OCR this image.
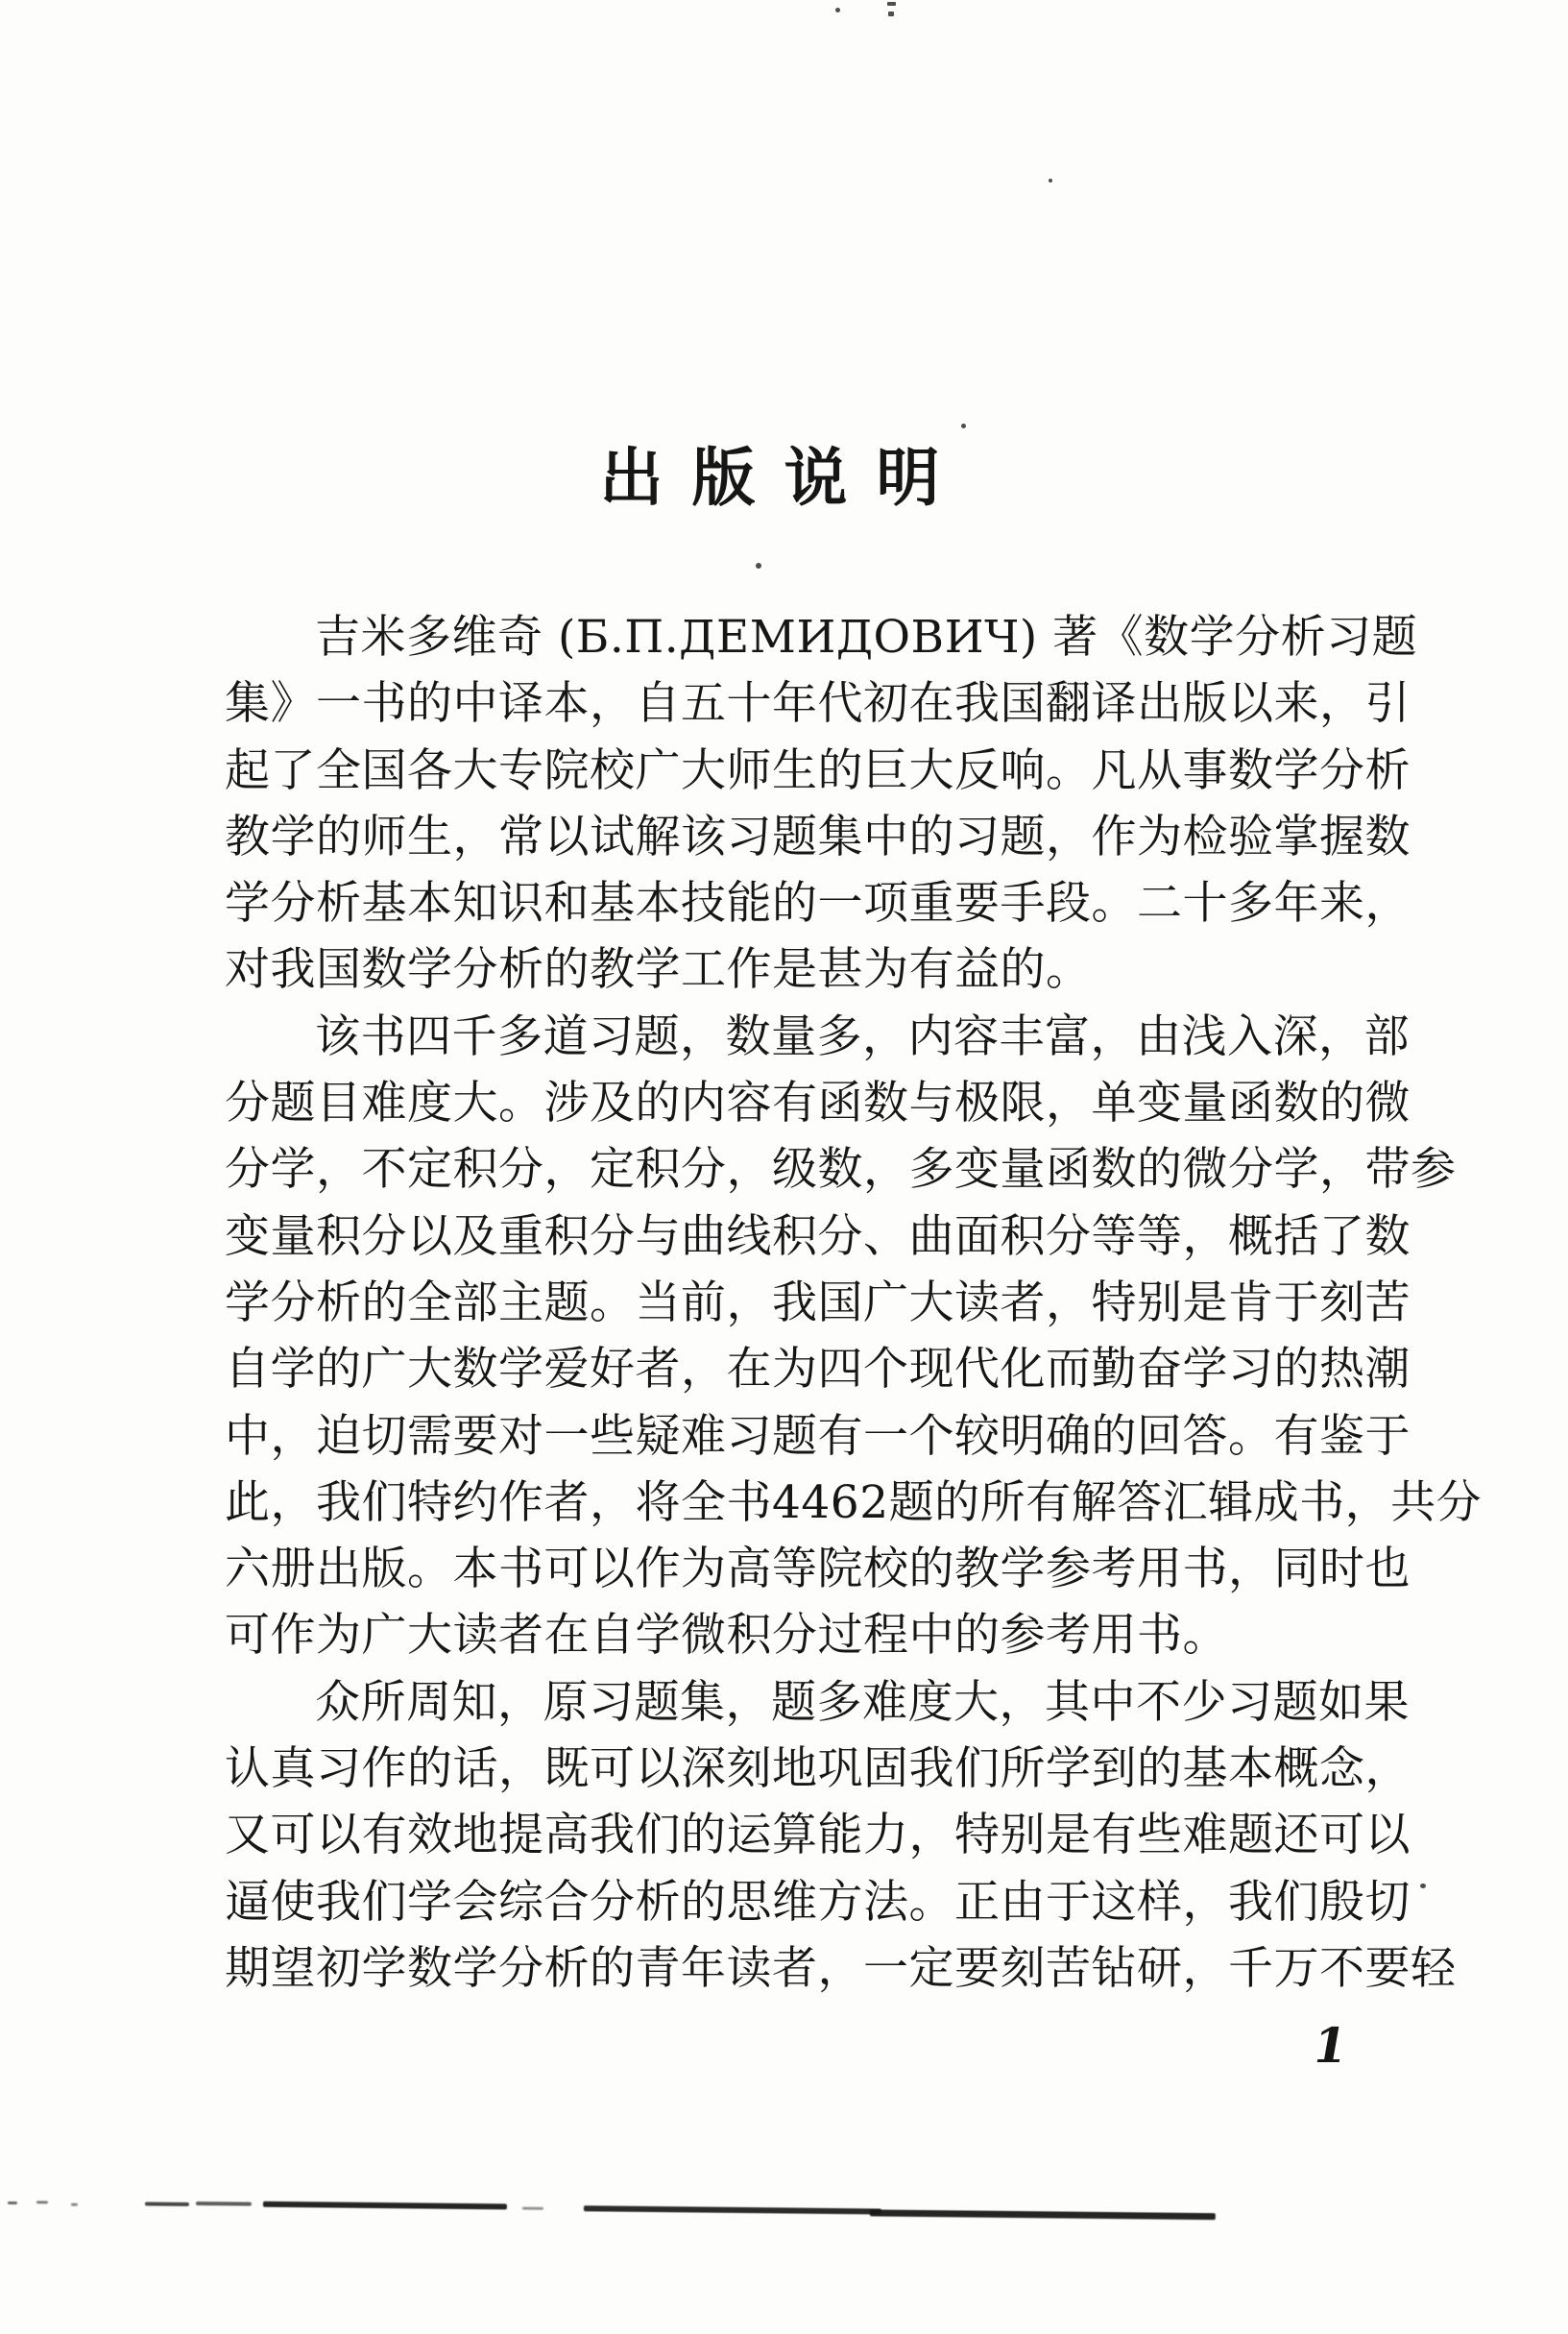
出版说明
吉米多维奇 (Б.П.ДЕМИДОВИЧ) 著《数学分析习题
集》一书的中译本，自五十年代初在我国翻译出版以来，引
起了全国各大专院校广大师生的巨大反响。凡从事数学分析
教学的师生，常以试解该习题集中的习题，作为检验掌握数
学分析基本知识和基本技能的一项重要手段。二十多年来，
对我国数学分析的教学工作是甚为有益的。
该书四千多道习题，数量多，内容丰富，由浅入深，部
分题目难度大。涉及的内容有函数与极限，单变量函数的微
分学，不定积分，定积分，级数，多变量函数的微分学，带参
变量积分以及重积分与曲线积分、曲面积分等等，概括了数
学分析的全部主题。当前，我国广大读者，特别是肯于刻苦
自学的广大数学爱好者，在为四个现代化而勤奋学习的热潮
中，迫切需要对一些疑难习题有一个较明确的回答。有鉴于
此，我们特约作者，将全书4462题的所有解答汇辑成书，共分
六册出版。本书可以作为高等院校的教学参考用书，同时也
可作为广大读者在自学微积分过程中的参考用书。
众所周知，原习题集，题多难度大，其中不少习题如果
认真习作的话，既可以深刻地巩固我们所学到的基本概念，
又可以有效地提高我们的运算能力，特别是有些难题还可以
逼使我们学会综合分析的思维方法。正由于这样，我们殷切
期望初学数学分析的青年读者，一定要刻苦钻研，千万不要轻
1
